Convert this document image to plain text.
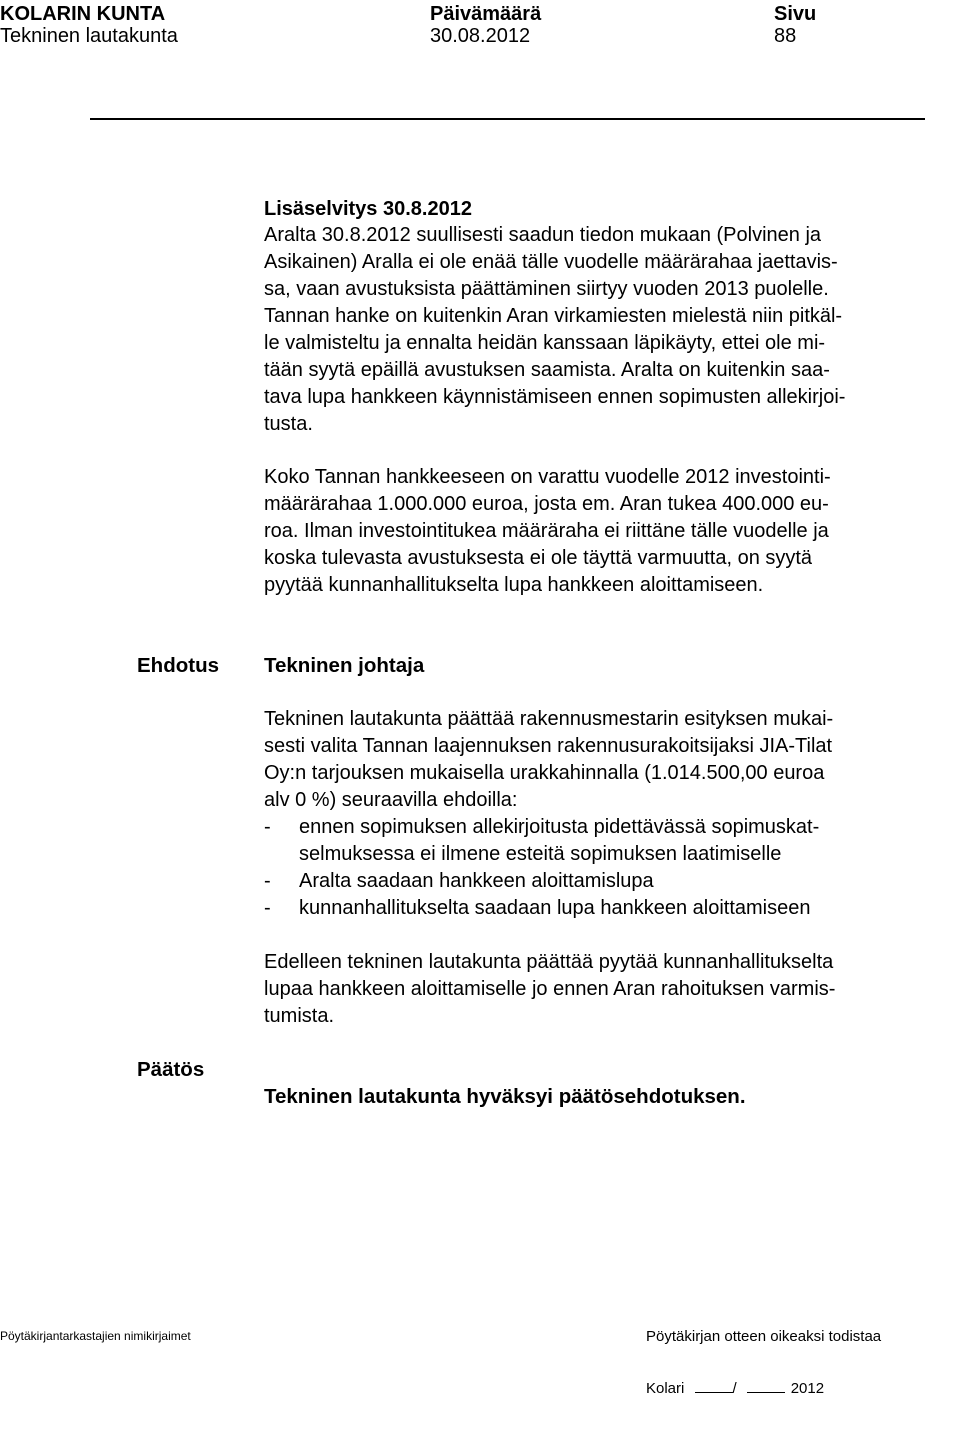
KOLARIN KUNTA
Tekninen lautakunta
Päivämäärä
30.08.2012
Sivu
88
Lisäselvitys 30.8.2012
Aralta 30.8.2012 suullisesti saadun tiedon mukaan (Polvinen ja
Asikainen) Aralla ei ole enää tälle vuodelle määrärahaa jaettavis-
sa, vaan avustuksista päättäminen siirtyy vuoden 2013 puolelle.
Tannan hanke on kuitenkin Aran virkamiesten mielestä niin pitkäl-
le valmisteltu ja ennalta heidän kanssaan läpikäyty, ettei ole mi-
tään syytä epäillä avustuksen saamista. Aralta on kuitenkin saa-
tava lupa hankkeen käynnistämiseen ennen sopimusten allekirjoi-
tusta.
Koko Tannan hankkeeseen on varattu vuodelle 2012 investointi-
määrärahaa 1.000.000 euroa, josta em. Aran tukea 400.000 eu-
roa. Ilman investointitukea määräraha ei riittäne tälle vuodelle ja
koska tulevasta avustuksesta ei ole täyttä varmuutta, on syytä
pyytää kunnanhallitukselta lupa hankkeen aloittamiseen.
Ehdotus Tekninen johtaja
Tekninen lautakunta päättää rakennusmestarin esityksen mukai-
sesti valita Tannan laajennuksen rakennusurakoitsijaksi JIA-Tilat
Oy:n tarjouksen mukaisella urakkahinnalla (1.014.500,00 euroa
alv 0 %) seuraavilla ehdoilla:
- ennen sopimuksen allekirjoitusta pidettävässä sopimuskat-
selmuksessa ei ilmene esteitä sopimuksen laatimiselle
- Aralta saadaan hankkeen aloittamislupa
- kunnanhallitukselta saadaan lupa hankkeen aloittamiseen
Edelleen tekninen lautakunta päättää pyytää kunnanhallitukselta
lupaa hankkeen aloittamiselle jo ennen Aran rahoituksen varmis-
tumista.
Päätös
Tekninen lautakunta hyväksyi päätösehdotuksen.
Pöytäkirjantarkastajien nimikirjaimet	Pöytäkirjan otteen oikeaksi todistaa
Kolari	/	2012
